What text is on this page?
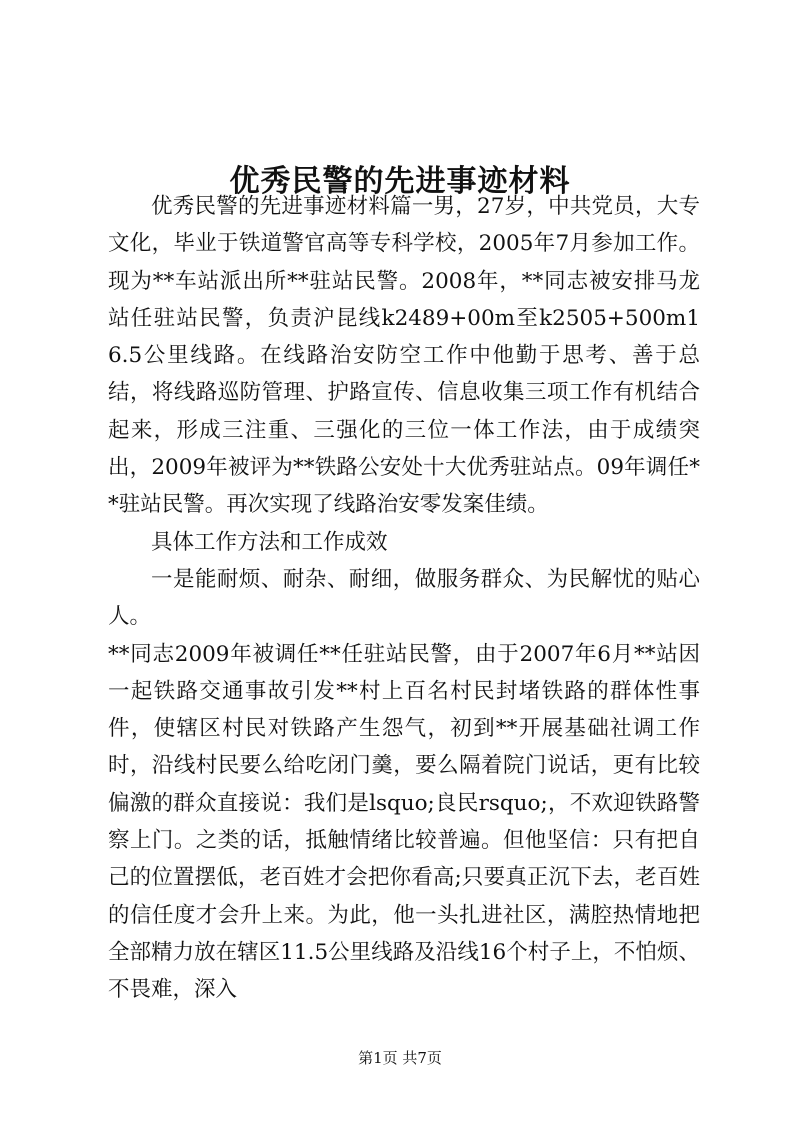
优秀民警的先进事迹材料

优秀民警的先进事迹材料篇一男，27岁，中共党员，大专文化，毕业于铁道警官高等专科学校，2005年7月参加工作。现为**车站派出所**驻站民警。2008年，**同志被安排马龙站任驻站民警，负责沪昆线k2489+00m至k2505+500m16.5公里线路。在线路治安防空工作中他勤于思考、善于总结，将线路巡防管理、护路宣传、信息收集三项工作有机结合起来，形成三注重、三强化的三位一体工作法，由于成绩突出，2009年被评为**铁路公安处十大优秀驻站点。09年调任**驻站民警。再次实现了线路治安零发案佳绩。

具体工作方法和工作成效

一是能耐烦、耐杂、耐细，做服务群众、为民解忧的贴心人。

**同志2009年被调任**任驻站民警，由于2007年6月**站因一起铁路交通事故引发**村上百名村民封堵铁路的群体性事件，使辖区村民对铁路产生怨气，初到**开展基础社调工作时，沿线村民要么给吃闭门羹，要么隔着院门说话，更有比较偏激的群众直接说：我们是lsquo;良民rsquo;，不欢迎铁路警察上门。之类的话，抵触情绪比较普遍。但他坚信：只有把自己的位置摆低，老百姓才会把你看高;只要真正沉下去，老百姓的信任度才会升上来。为此，他一头扎进社区，满腔热情地把全部精力放在辖区11.5公里线路及沿线16个村子上，不怕烦、不畏难，深入

第1页 共7页
